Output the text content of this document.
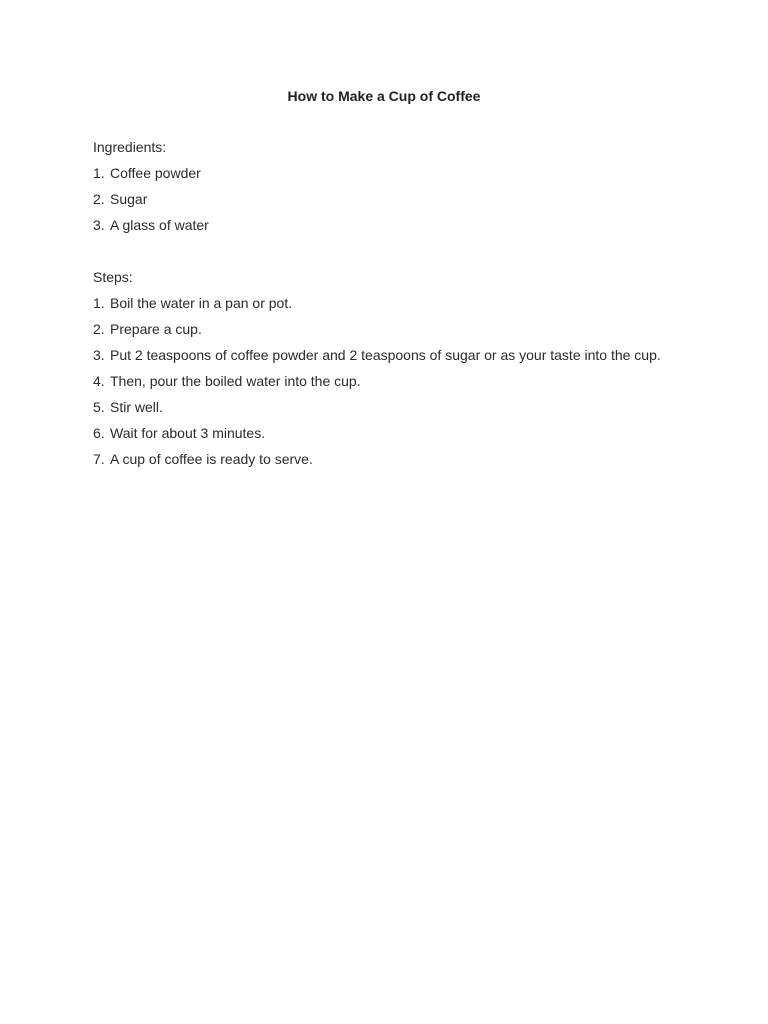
How to Make a Cup of Coffee
Ingredients:
1. Coffee powder
2. Sugar
3. A glass of water
Steps:
1. Boil the water in a pan or pot.
2. Prepare a cup.
3. Put 2 teaspoons of coffee powder and 2 teaspoons of sugar or as your taste into the cup.
4. Then, pour the boiled water into the cup.
5. Stir well.
6. Wait for about 3 minutes.
7. A cup of coffee is ready to serve.
